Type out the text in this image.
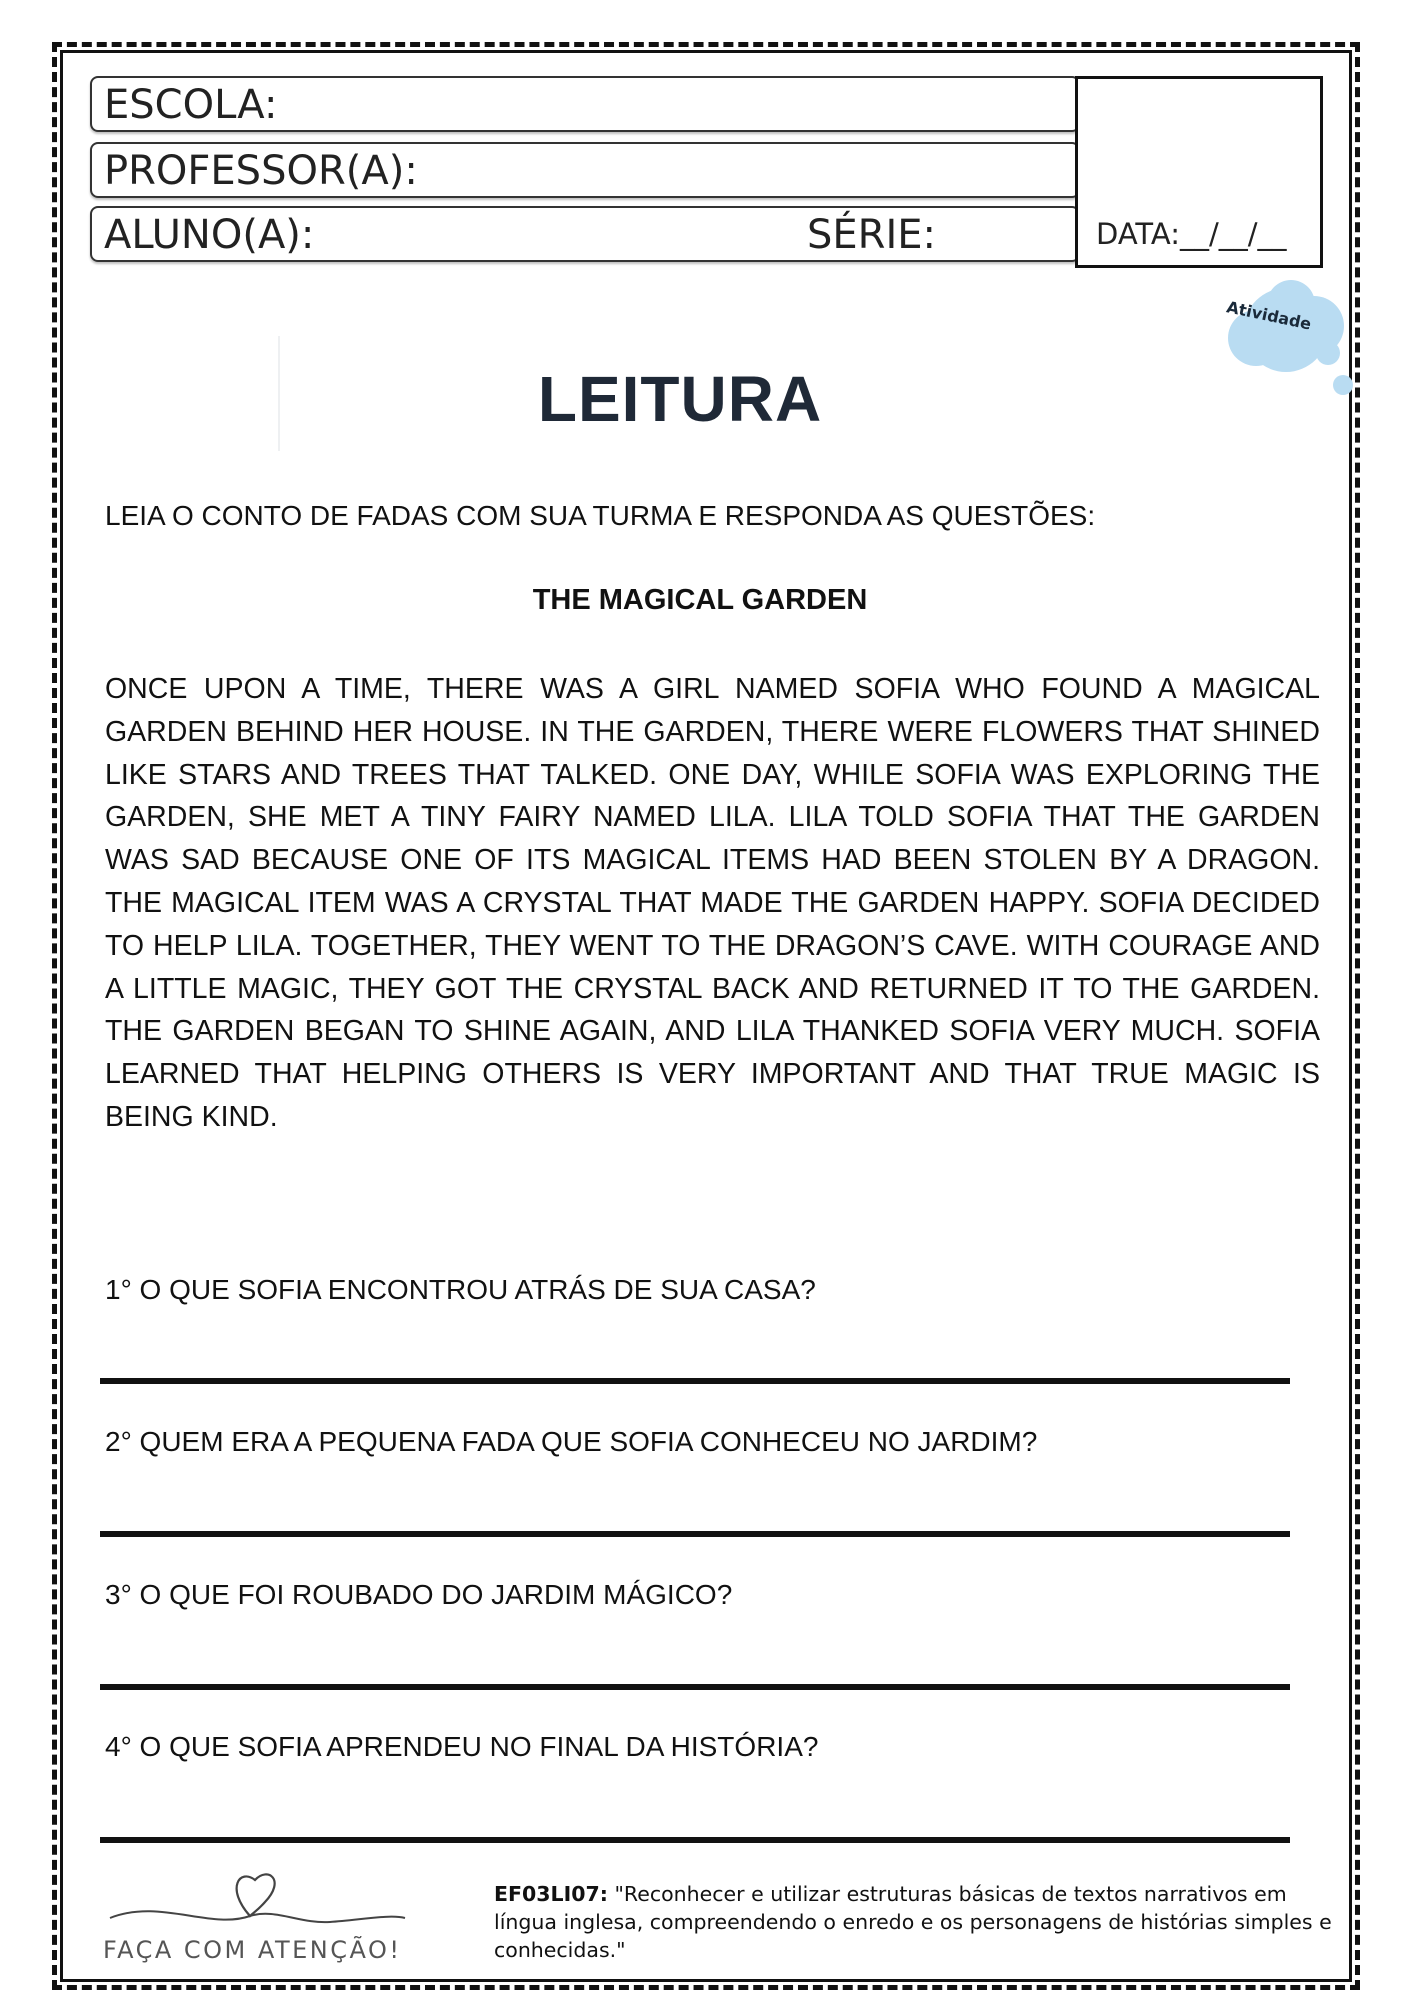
ESCOLA:
PROFESSOR(A):
ALUNO(A):	SÉRIE:	DATA:__/__/__
Atividade
LEITURA
LEIA O CONTO DE FADAS COM SUA TURMA E RESPONDA AS QUESTÕES:
THE MAGICAL GARDEN

ONCE UPON A TIME, THERE WAS A GIRL NAMED SOFIA WHO FOUND A MAGICAL GARDEN BEHIND HER HOUSE. IN THE GARDEN, THERE WERE FLOWERS THAT SHINED LIKE STARS AND TREES THAT TALKED. ONE DAY, WHILE SOFIA WAS EXPLORING THE GARDEN, SHE MET A TINY FAIRY NAMED LILA. LILA TOLD SOFIA THAT THE GARDEN WAS SAD BECAUSE ONE OF ITS MAGICAL ITEMS HAD BEEN STOLEN BY A DRAGON. THE MAGICAL ITEM WAS A CRYSTAL THAT MADE THE GARDEN HAPPY. SOFIA DECIDED TO HELP LILA. TOGETHER, THEY WENT TO THE DRAGON’S CAVE. WITH COURAGE AND A LITTLE MAGIC, THEY GOT THE CRYSTAL BACK AND RETURNED IT TO THE GARDEN. THE GARDEN BEGAN TO SHINE AGAIN, AND LILA THANKED SOFIA VERY MUCH. SOFIA LEARNED THAT HELPING OTHERS IS VERY IMPORTANT AND THAT TRUE MAGIC IS BEING KIND.

1° O QUE SOFIA ENCONTROU ATRÁS DE SUA CASA?
2° QUEM ERA A PEQUENA FADA QUE SOFIA CONHECEU NO JARDIM?
3° O QUE FOI ROUBADO DO JARDIM MÁGICO?
4° O QUE SOFIA APRENDEU NO FINAL DA HISTÓRIA?
FAÇA COM ATENÇÃO!
EF03LI07: "Reconhecer e utilizar estruturas básicas de textos narrativos em língua inglesa, compreendendo o enredo e os personagens de histórias simples e conhecidas."
